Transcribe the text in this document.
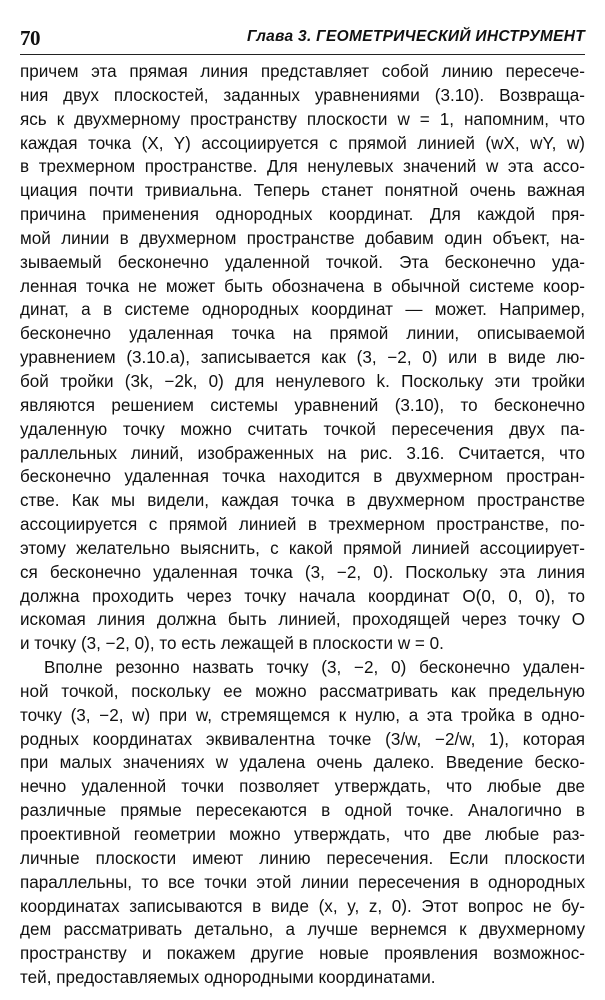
70	Глава 3. ГЕОМЕТРИЧЕСКИЙ ИНСТРУМЕНТ
причем эта прямая линия представляет собой линию пересече-
ния двух плоскостей, заданных уравнениями (3.10). Возвраща-
ясь к двухмерному пространству плоскости w = 1, напомним, что
каждая точка (X, Y) ассоциируется с прямой линией (wX, wY, w)
в трехмерном пространстве. Для ненулевых значений w эта ассо-
циация почти тривиальна. Теперь станет понятной очень важная
причина применения однородных координат. Для каждой пря-
мой линии в двухмерном пространстве добавим один объект, на-
зываемый бесконечно удаленной точкой. Эта бесконечно уда-
ленная точка не может быть обозначена в обычной системе коор-
динат, а в системе однородных координат — может. Например,
бесконечно удаленная точка на прямой линии, описываемой
уравнением (3.10.а), записывается как (3, −2, 0) или в виде лю-
бой тройки (3k, −2k, 0) для ненулевого k. Поскольку эти тройки
являются решением системы уравнений (3.10), то бесконечно
удаленную точку можно считать точкой пересечения двух па-
раллельных линий, изображенных на рис. 3.16. Считается, что
бесконечно удаленная точка находится в двухмерном простран-
стве. Как мы видели, каждая точка в двухмерном пространстве
ассоциируется с прямой линией в трехмерном пространстве, по-
этому желательно выяснить, с какой прямой линией ассоциирует-
ся бесконечно удаленная точка (3, −2, 0). Поскольку эта линия
должна проходить через точку начала координат O(0, 0, 0), то
искомая линия должна быть линией, проходящей через точку O
и точку (3, −2, 0), то есть лежащей в плоскости w = 0.
Вполне резонно назвать точку (3, −2, 0) бесконечно удален-
ной точкой, поскольку ее можно рассматривать как предельную
точку (3, −2, w) при w, стремящемся к нулю, а эта тройка в одно-
родных координатах эквивалентна точке (3/w, −2/w, 1), которая
при малых значениях w удалена очень далеко. Введение беско-
нечно удаленной точки позволяет утверждать, что любые две
различные прямые пересекаются в одной точке. Аналогично в
проективной геометрии можно утверждать, что две любые раз-
личные плоскости имеют линию пересечения. Если плоскости
параллельны, то все точки этой линии пересечения в однородных
координатах записываются в виде (x, y, z, 0). Этот вопрос не бу-
дем рассматривать детально, а лучше вернемся к двухмерному
пространству и покажем другие новые проявления возможнос-
тей, предоставляемых однородными координатами.
